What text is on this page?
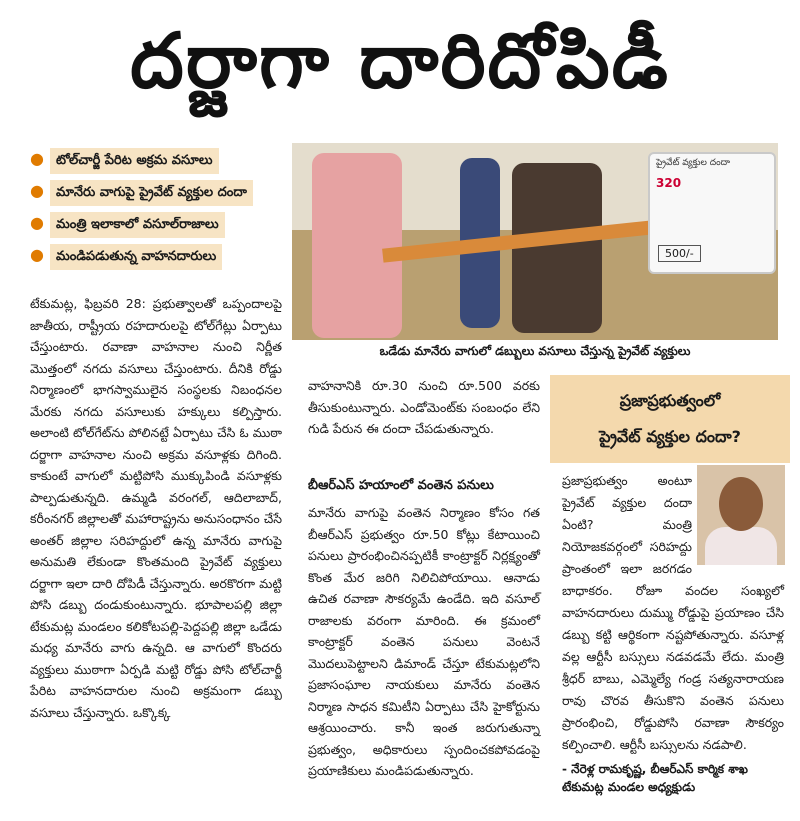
దర్జాగా దారిదోపిడీ
● టోల్‌చార్జీ పేరిట అక్రమ వసూలు
● మానేరు వాగుపై ప్రైవేట్ వ్యక్తుల దందా
● మంత్రి ఇలాకాలో వసూల్‌రాజాలు
● మండిపడుతున్న వాహనదారులు
ప్రైవేట్ వ్యక్తుల దందా
320
500/-
ఒడేడు మానేరు వాగులో డబ్బులు వసూలు చేస్తున్న ప్రైవేట్ వ్యక్తులు
టేకుమట్ల, ఫిబ్రవరి 28: ప్రభుత్వాలతో ఒప్పందాలపై జాతీయ, రాష్ట్రీయ రహదారులపై టోల్‌గేట్లు ఏర్పాటు చేస్తుంటారు. రవాణా వాహనాల నుంచి నిర్ణీత మొత్తంలో నగదు వసూలు చేస్తుంటారు. దీనికి రోడ్డు నిర్మాణంలో భాగస్వాములైన సంస్థలకు నిబంధనల మేరకు నగదు వసూలుకు హక్కులు కల్పిస్తారు. అలాంటి టోల్‌గేట్‌ను పోలినట్టే ఏర్పాటు చేసి ఓ ముఠా దర్జాగా వాహనాల నుంచి అక్రమ వసూళ్లకు దిగింది. కాకుంటే వాగులో మట్టిపోసి ముక్కుపిండి వసూళ్లకు పాల్పడుతున్నది. ఉమ్మడి వరంగల్, ఆదిలాబాద్, కరీంనగర్ జిల్లాలతో మహారాష్ట్రను అనుసంధానం చేసే అంతర్ జిల్లాల సరిహద్దులో ఉన్న మానేరు వాగుపై అనుమతి లేకుండా కొంతమంది ప్రైవేట్ వ్యక్తులు దర్జాగా ఇలా దారి దోపిడీ చేస్తున్నారు. అరకొరగా మట్టి పోసి డబ్బు దండుకుంటున్నారు. భూపాలపల్లి జిల్లా టేకుమట్ల మండలం కలికోటపల్లి-పెద్దపల్లి జిల్లా ఒడేడు మధ్య మానేరు వాగు ఉన్నది. ఆ వాగులో కొందరు వ్యక్తులు ముఠాగా ఏర్పడి మట్టి రోడ్డు పోసి టోల్‌చార్జీ పేరిట వాహనదారుల నుంచి అక్రమంగా డబ్బు వసూలు చేస్తున్నారు. ఒక్కొక్క
వాహనానికి రూ.30 నుంచి రూ.500 వరకు తీసుకుంటున్నారు. ఎండోమెంట్‌కు సంబంధం లేని గుడి పేరున ఈ దందా చేపడుతున్నారు.
బీఆర్‌ఎస్ హయాంలో వంతెన పనులు
మానేరు వాగుపై వంతెన నిర్మాణం కోసం గత బీఆర్‌ఎస్ ప్రభుత్వం రూ.50 కోట్లు కేటాయించి పనులు ప్రారంభించినప్పటికీ కాంట్రాక్టర్ నిర్లక్ష్యంతో కొంత మేర జరిగి నిలిచిపోయాయి. ఆనాడు ఉచిత రవాణా సౌకర్యమే ఉండేది. ఇది వసూల్ రాజాలకు వరంగా మారింది. ఈ క్రమంలో కాంట్రాక్టర్ వంతెన పనులు వెంటనే మొదలుపెట్టాలని డిమాండ్ చేస్తూ టేకుమట్లలోని ప్రజాసంఘాల నాయకులు మానేరు వంతెన నిర్మాణ సాధన కమిటీని ఏర్పాటు చేసి హైకోర్టును ఆశ్రయించారు. కానీ ఇంత జరుగుతున్నా ప్రభుత్వం, అధికారులు స్పందించకపోవడంపై ప్రయాణికులు మండిపడుతున్నారు.
ప్రజాప్రభుత్వంలో
ప్రైవేట్ వ్యక్తుల దందా?
ప్రజాప్రభుత్వం అంటూ ప్రైవేట్ వ్యక్తుల దందా ఏంటి? మంత్రి నియోజకవర్గంలో సరిహద్దు ప్రాంతంలో ఇలా జరగడం బాధాకరం. రోజూ వందల సంఖ్యలో వాహనదారులు దుమ్ము రోడ్డుపై ప్రయాణం చేసి డబ్బు కట్టి ఆర్థికంగా నష్టపోతున్నారు. వసూళ్ల వల్ల ఆర్టీసీ బస్సులు నడవడమే లేదు. మంత్రి శ్రీధర్ బాబు, ఎమ్మెల్యే గండ్ర సత్యనారాయణ రావు చొరవ తీసుకొని వంతెన పనులు ప్రారంభించి, రోడ్డుపోసి రవాణా సౌకర్యం కల్పించాలి. ఆర్టీసీ బస్సులను నడపాలి.
- నేరెళ్ల రామకృష్ణ, బీఆర్‌ఎస్ కార్మిక శాఖ టేకుమట్ల మండల అధ్యక్షుడు
